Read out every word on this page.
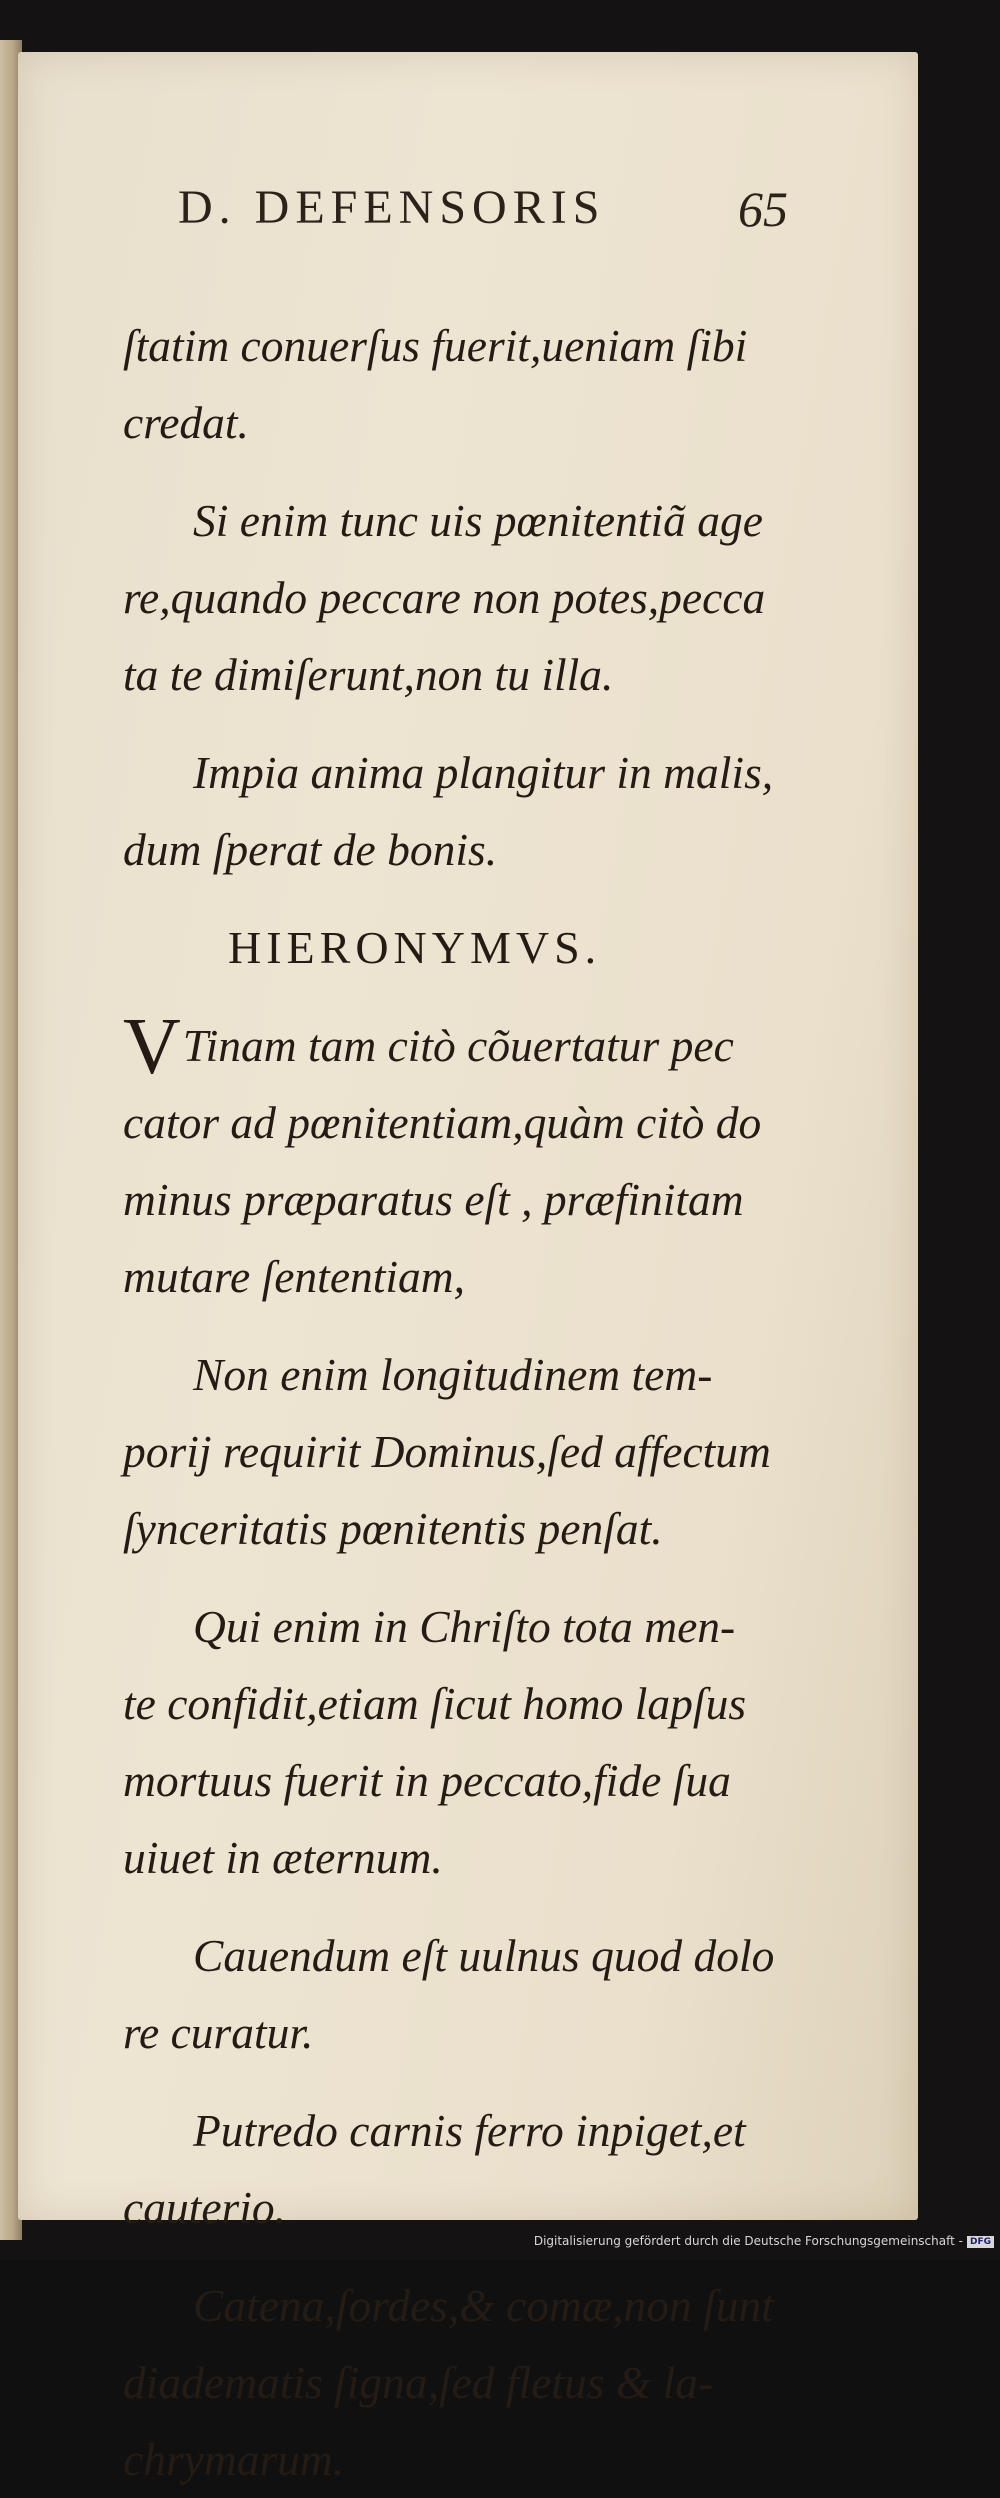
D. DEFENSORIS	65
ſtatim conuerſus fuerit,ueniam ſibi
credat.
Si enim tunc uis pœnitentiã age
re,quando peccare non potes,pecca
ta te dimiſerunt,non tu illa.
Impia anima plangitur in malis,
dum ſperat de bonis.
HIERONYMVS.
VTinam tam citò cõuertatur pec
cator ad pœnitentiam,quàm citò do
minus præparatus eſt , præfinitam
mutare ſententiam,
Non enim longitudinem tem-
porij requirit Dominus,ſed affectum
ſynceritatis pœnitentis penſat.
Qui enim in Chriſto tota men-
te confidit,etiam ſicut homo lapſus
mortuus fuerit in peccato,fide ſua
uiuet in æternum.
Cauendum eſt uulnus quod dolo
re curatur.
Putredo carnis ferro inpiget,et
cauterio.
Catena,ſordes,& comæ,non ſunt
diadematis ſigna,ſed fletus & la-
chrymarum.
Digitalisierung gefördert durch die Deutsche Forschungsgemeinschaft - DFG
